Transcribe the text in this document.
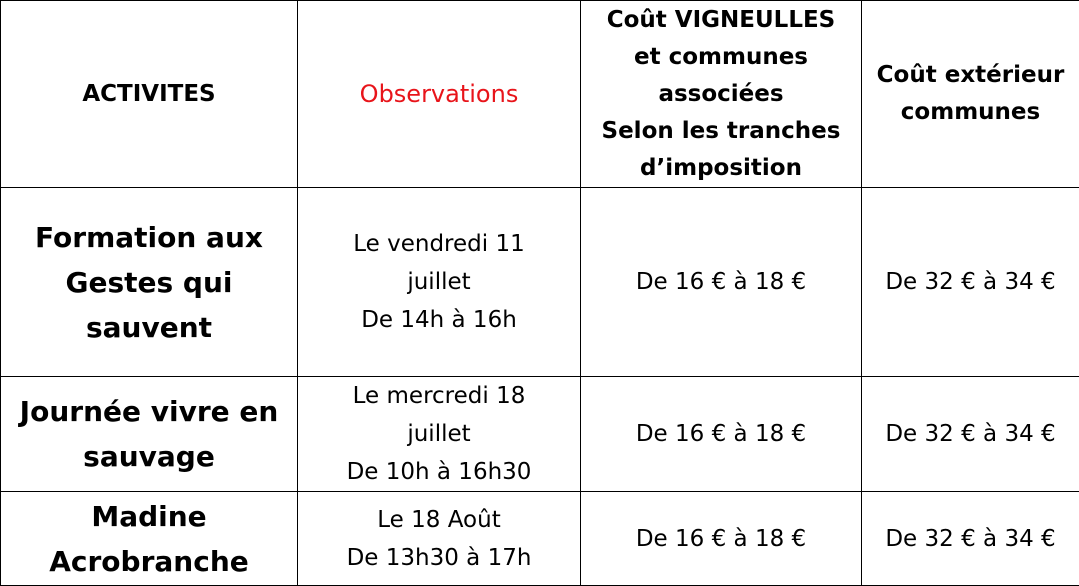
ACTIVITES	Observations	Coût VIGNEULLES
et communes
associées
Selon les tranches
d’imposition	Coût extérieur
communes

Formation aux
Gestes qui
sauvent	Le vendredi 11
juillet
De 14h à 16h	De 16 € à 18 €	De 32 € à 34 €

Journée vivre en
sauvage	Le mercredi 18
juillet
De 10h à 16h30	De 16 € à 18 €	De 32 € à 34 €

Madine
Acrobranche	Le 18 Août
De 13h30 à 17h	De 16 € à 18 €	De 32 € à 34 €
